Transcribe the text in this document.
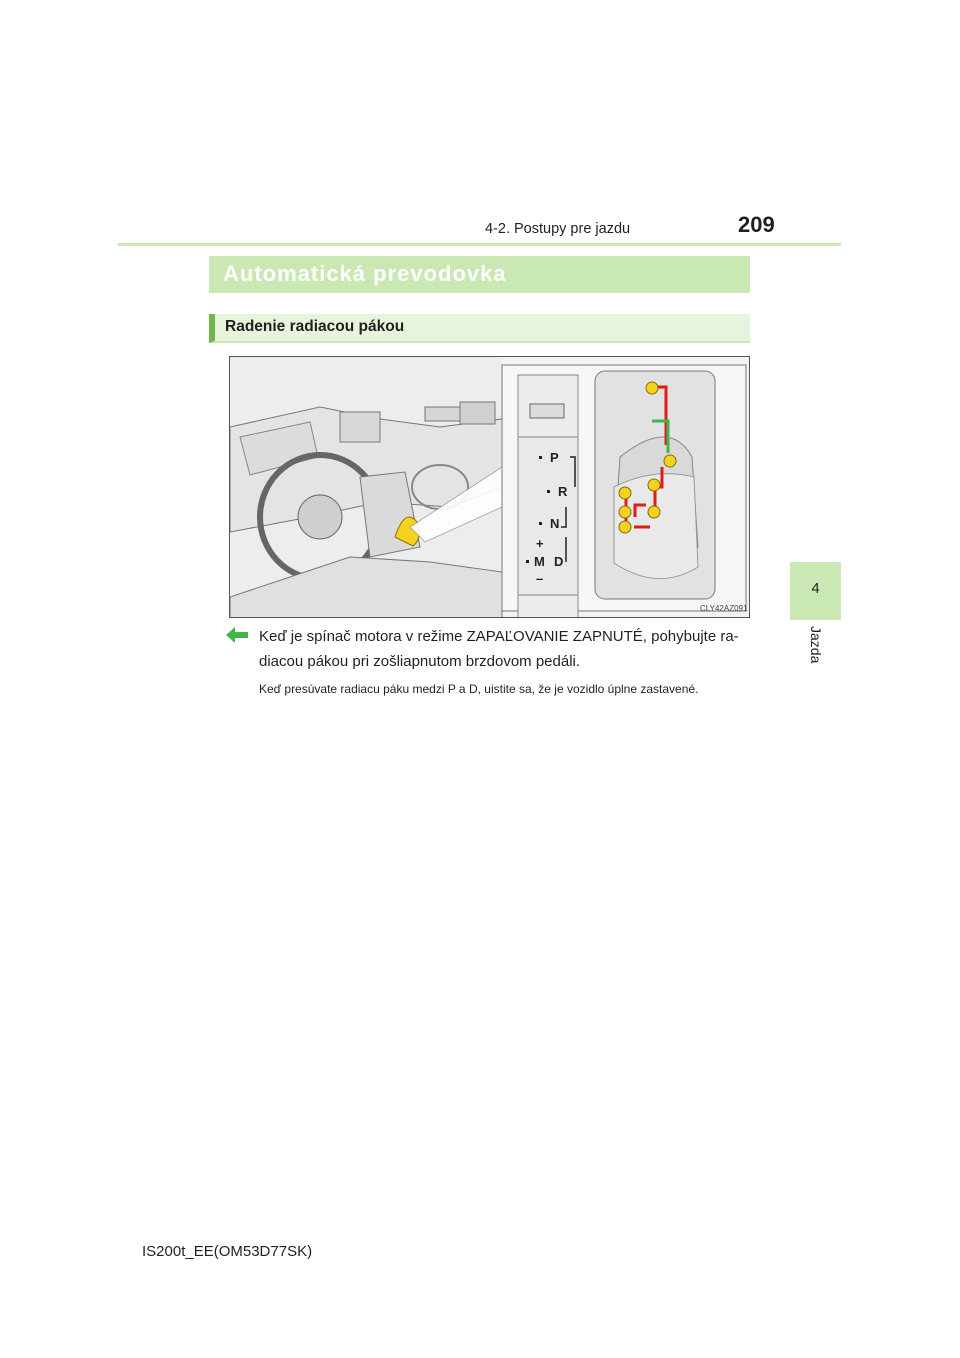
4-2. Postupy pre jazdu	209
4
Jazda
Automatická prevodovka
Radenie radiacou pákou
P
R
N
+
M D
–
CLY42AZ091
Keď je spínač motora v režime ZAPAĽOVANIE ZAPNUTÉ, pohybujte ra-diacou pákou pri zošliapnutom brzdovom pedáli.
Keď presúvate radiacu páku medzi P a D, uistite sa, že je vozidlo úplne zastavené.
IS200t_EE(OM53D77SK)
